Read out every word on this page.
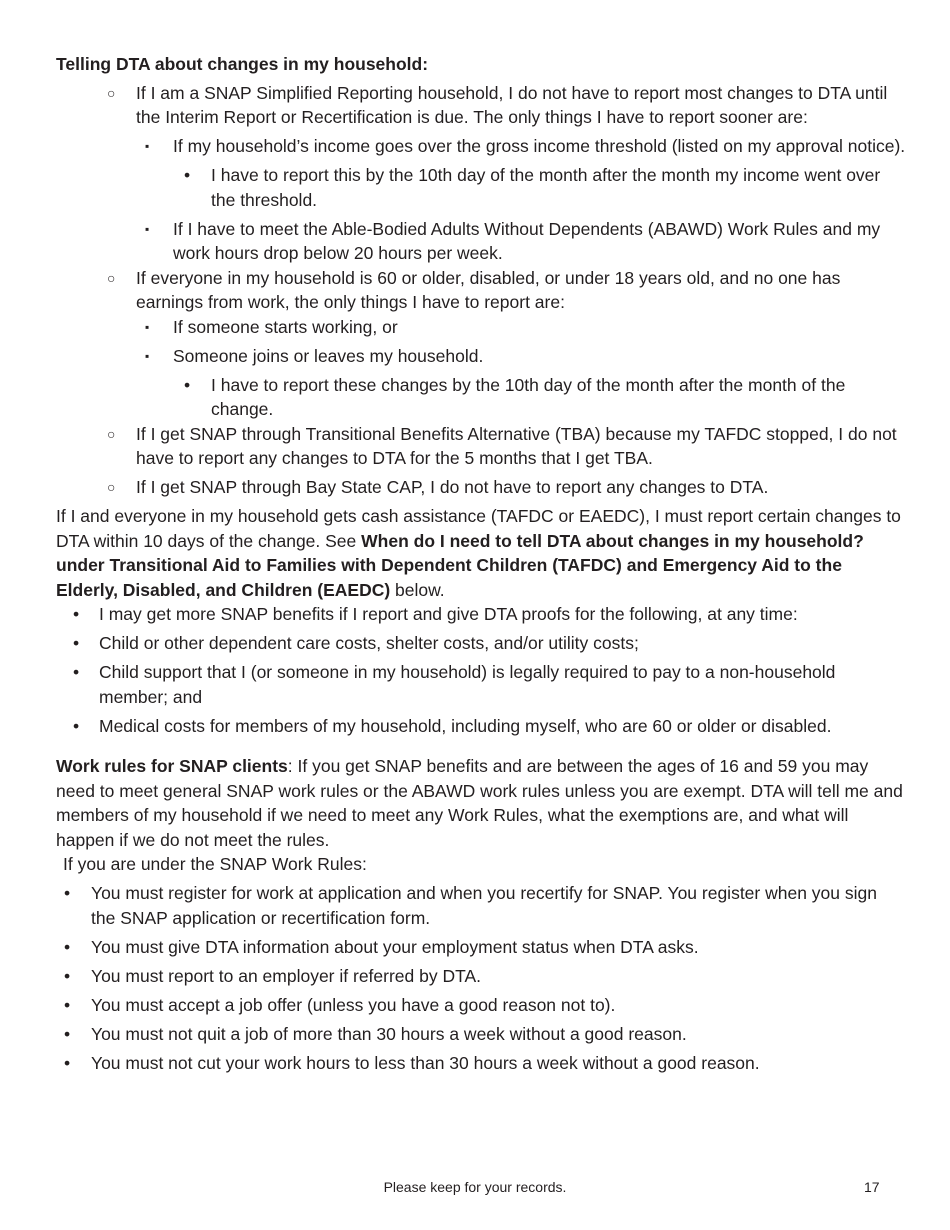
Telling DTA about changes in my household:
○ If I am a SNAP Simplified Reporting household, I do not have to report most changes to DTA until the Interim Report or Recertification is due. The only things I have to report sooner are:
▪ If my household’s income goes over the gross income threshold (listed on my approval notice).
• I have to report this by the 10th day of the month after the month my income went over the threshold.
▪ If I have to meet the Able-Bodied Adults Without Dependents (ABAWD) Work Rules and my work hours drop below 20 hours per week.
○ If everyone in my household is 60 or older, disabled, or under 18 years old, and no one has earnings from work, the only things I have to report are:
▪ If someone starts working, or
▪ Someone joins or leaves my household.
• I have to report these changes by the 10th day of the month after the month of the change.
○ If I get SNAP through Transitional Benefits Alternative (TBA) because my TAFDC stopped, I do not have to report any changes to DTA for the 5 months that I get TBA.
○ If I get SNAP through Bay State CAP, I do not have to report any changes to DTA.

If I and everyone in my household gets cash assistance (TAFDC or EAEDC), I must report certain changes to DTA within 10 days of the change. See When do I need to tell DTA about changes in my household? under Transitional Aid to Families with Dependent Children (TAFDC) and Emergency Aid to the Elderly, Disabled, and Children (EAEDC) below.

• I may get more SNAP benefits if I report and give DTA proofs for the following, at any time:
• Child or other dependent care costs, shelter costs, and/or utility costs;
• Child support that I (or someone in my household) is legally required to pay to a non-household member; and
• Medical costs for members of my household, including myself, who are 60 or older or disabled.

Work rules for SNAP clients: If you get SNAP benefits and are between the ages of 16 and 59 you may need to meet general SNAP work rules or the ABAWD work rules unless you are exempt. DTA will tell me and members of my household if we need to meet any Work Rules, what the exemptions are, and what will happen if we do not meet the rules.

If you are under the SNAP Work Rules:
• You must register for work at application and when you recertify for SNAP. You register when you sign the SNAP application or recertification form.
• You must give DTA information about your employment status when DTA asks.
• You must report to an employer if referred by DTA.
• You must accept a job offer (unless you have a good reason not to).
• You must not quit a job of more than 30 hours a week without a good reason.
• You must not cut your work hours to less than 30 hours a week without a good reason.
Please keep for your records.	17
